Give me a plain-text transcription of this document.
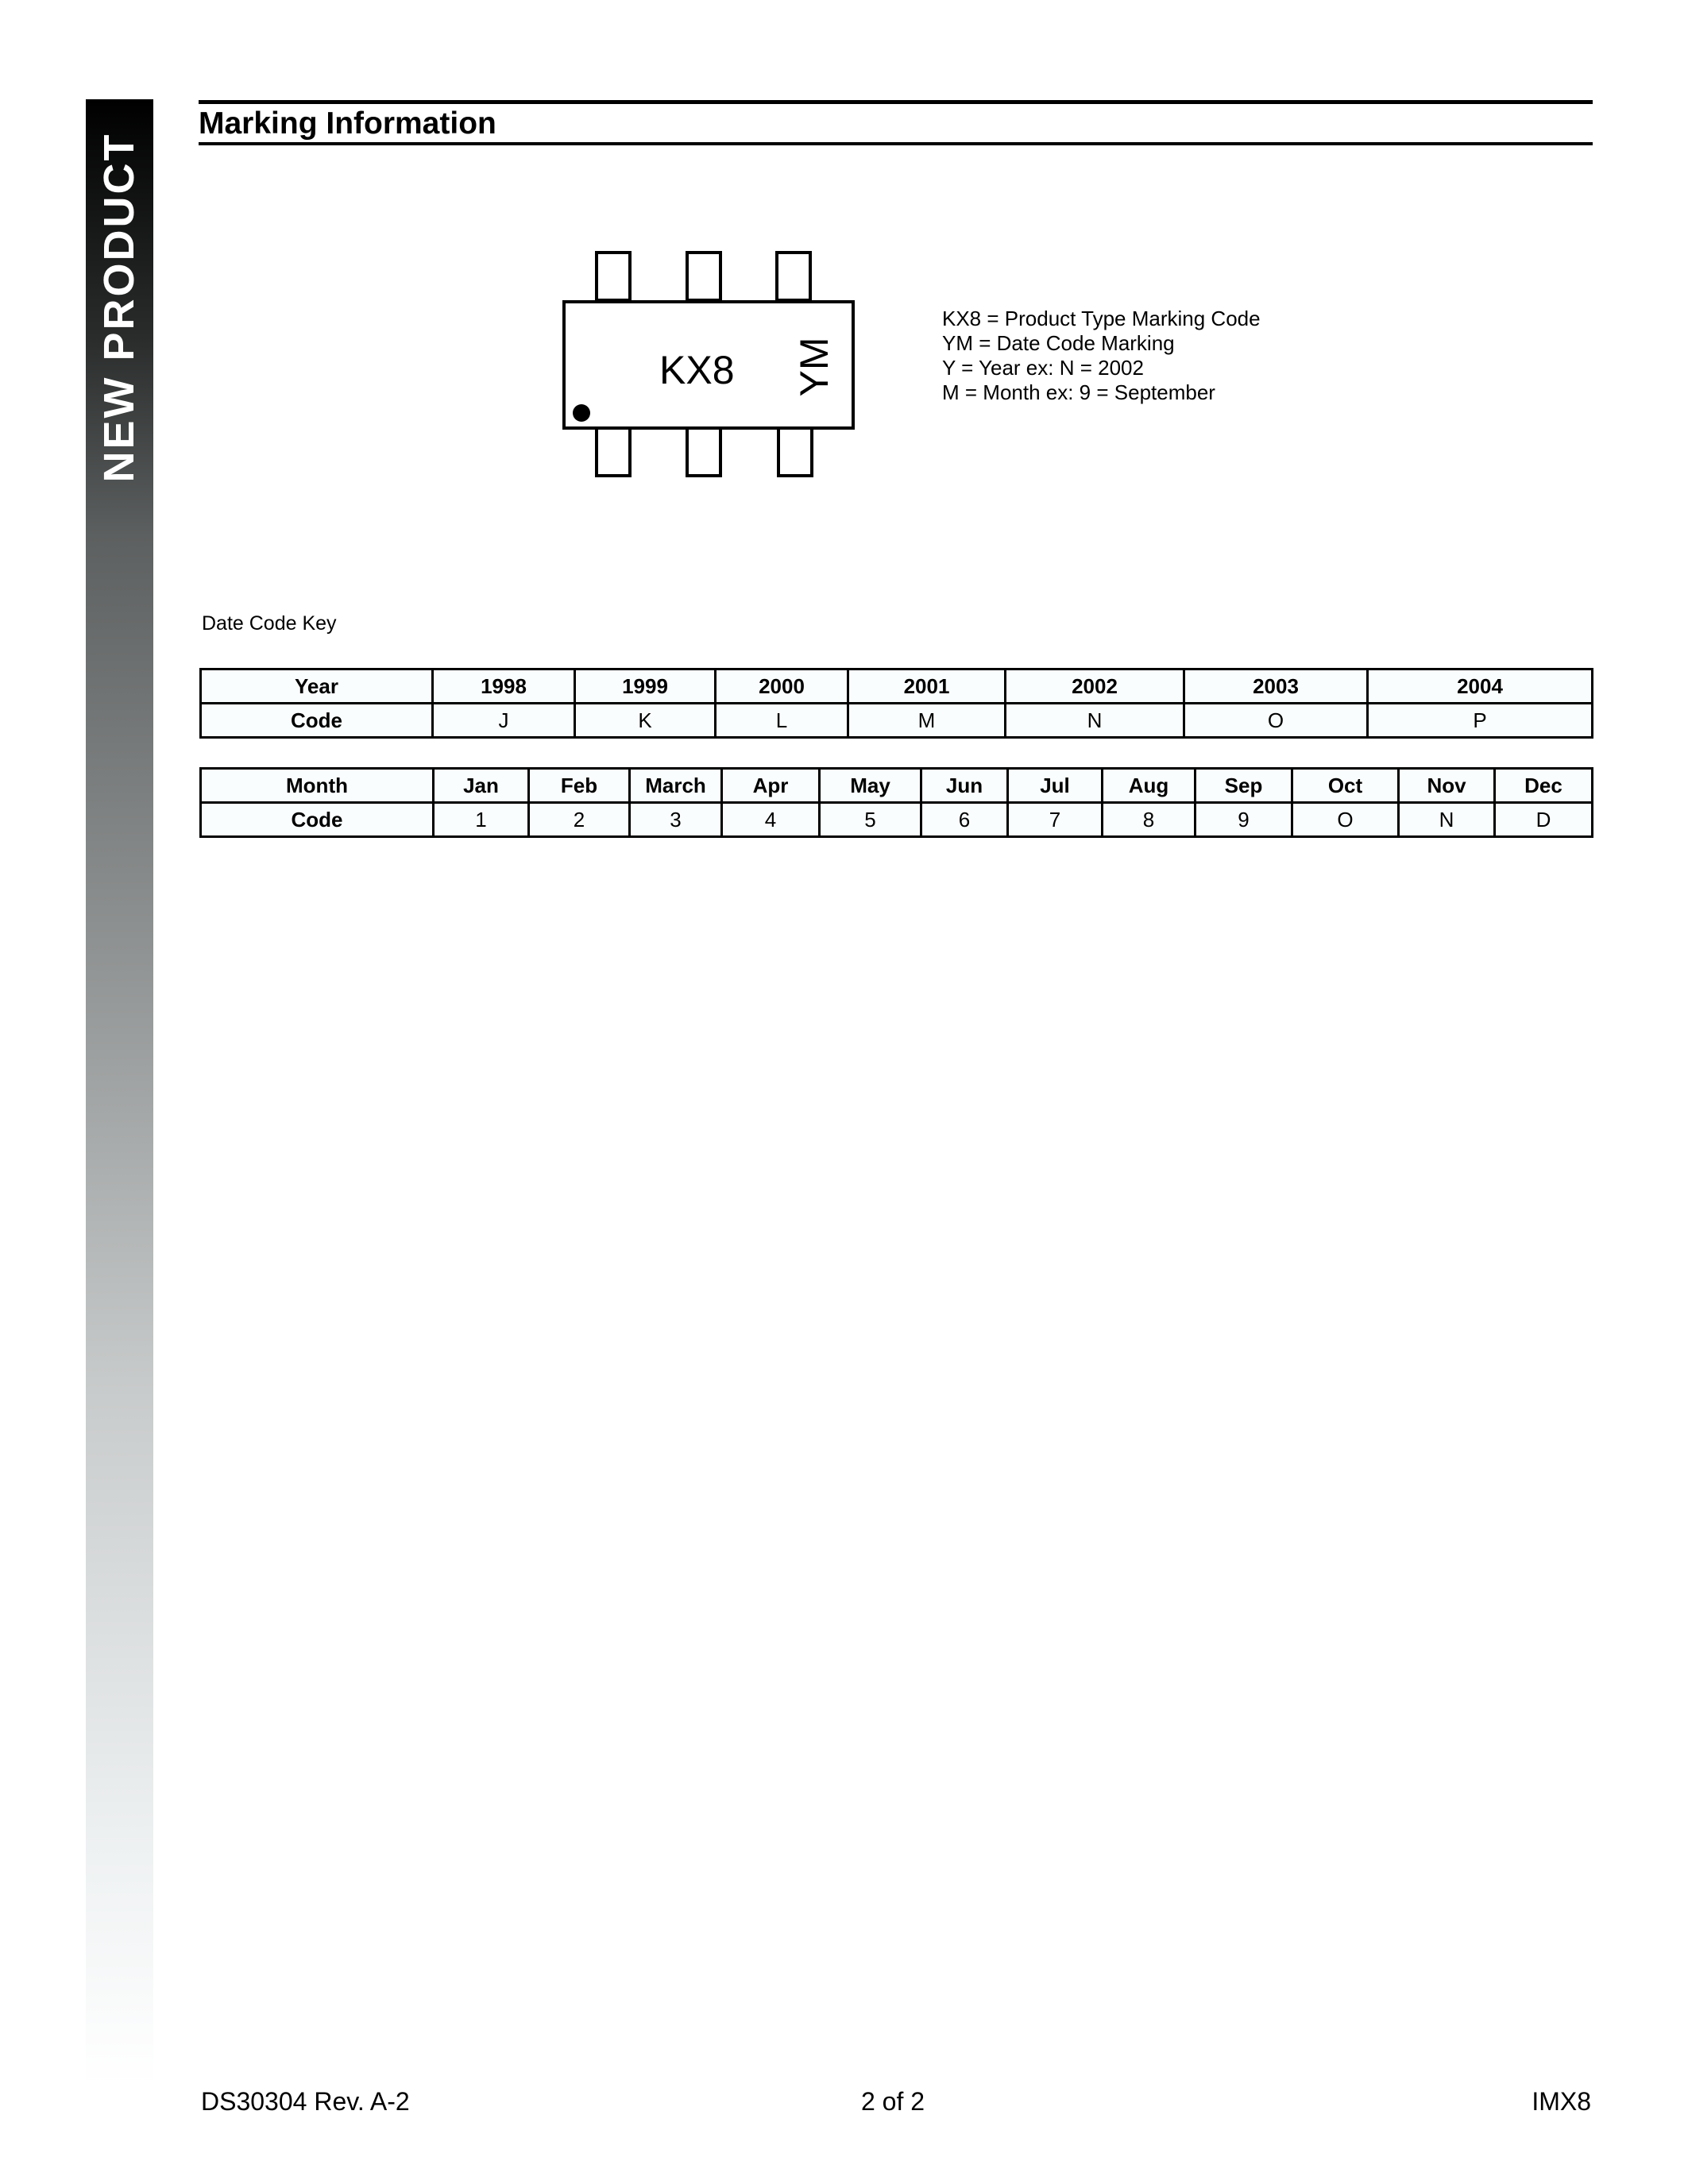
NEW PRODUCT
Marking Information
KX8 YM
KX8 = Product Type Marking Code
YM = Date Code Marking
Y = Year ex: N = 2002
M = Month ex: 9 = September
Date Code Key
Year	1998	1999	2000	2001	2002	2003	2004
Code	J	K	L	M	N	O	P
Month	Jan	Feb	March	Apr	May	Jun	Jul	Aug	Sep	Oct	Nov	Dec
Code	1	2	3	4	5	6	7	8	9	O	N	D
DS30304 Rev. A-2	2 of 2	IMX8
